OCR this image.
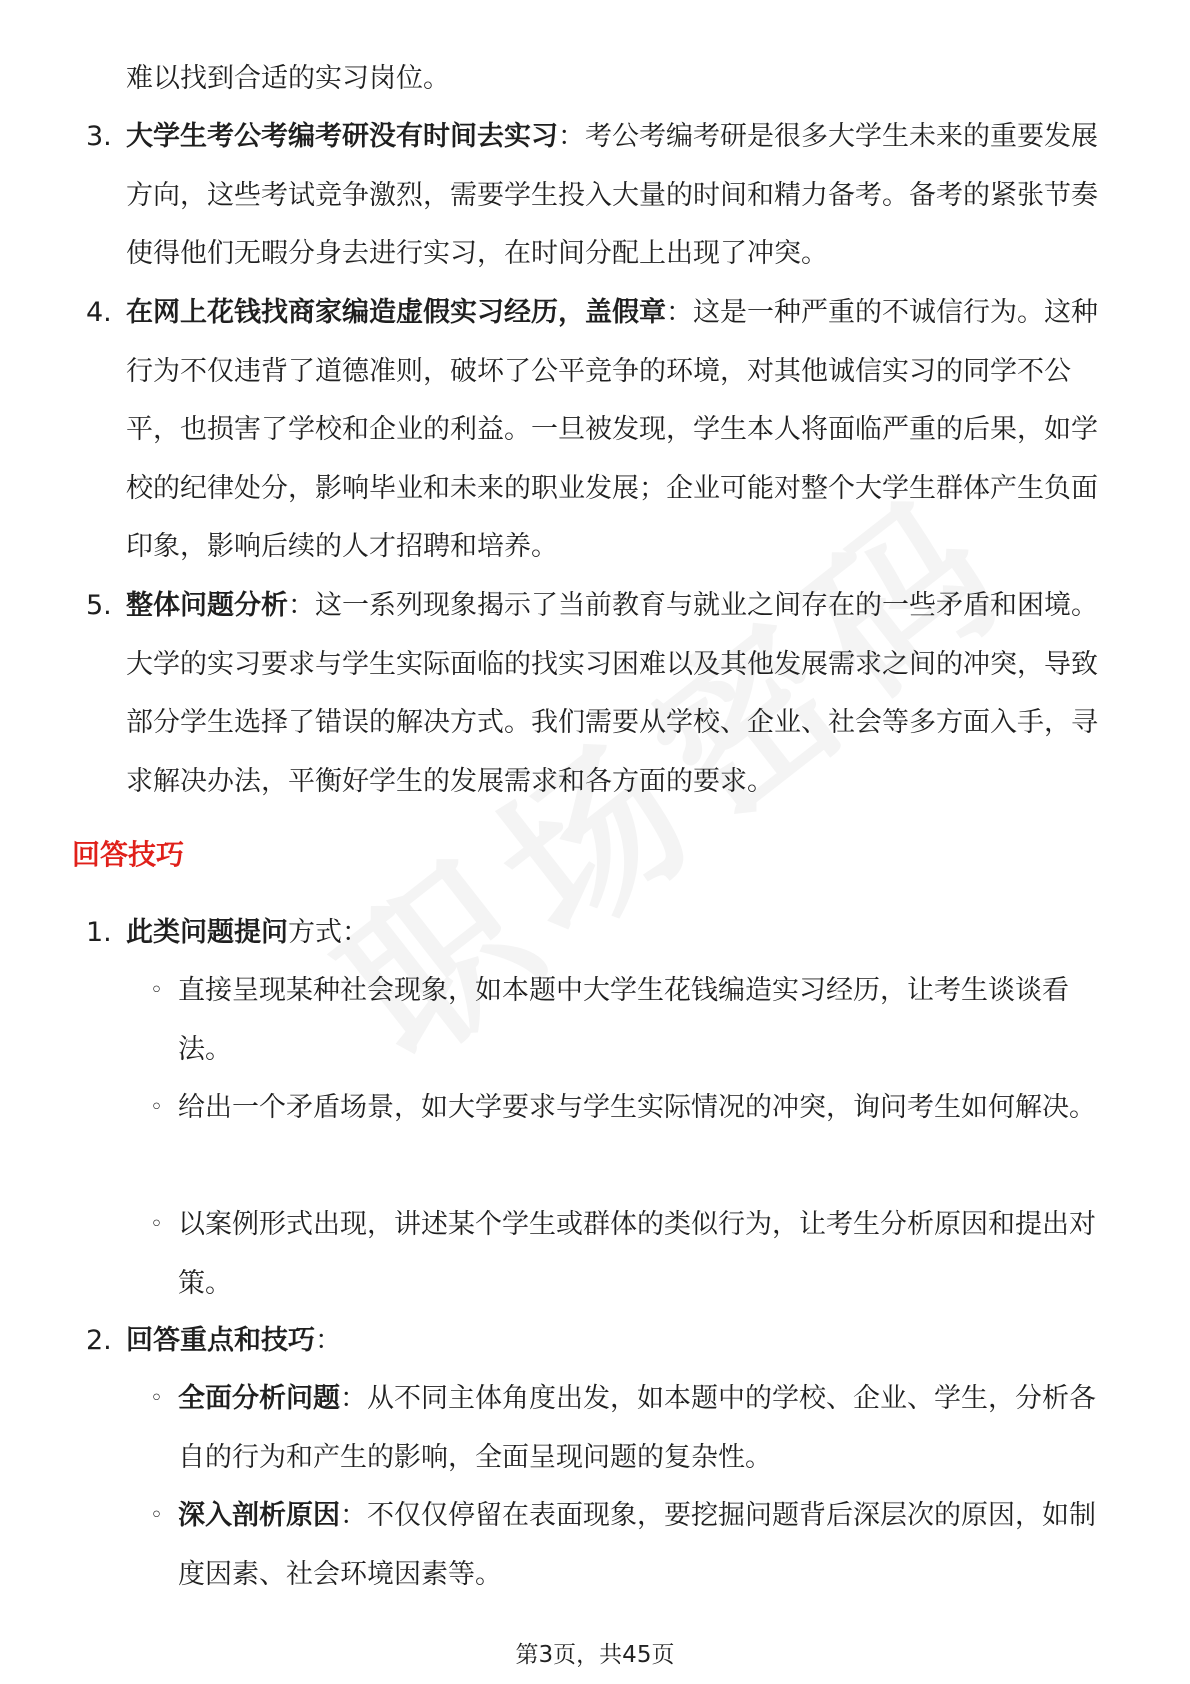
难以找到合适的实习岗位。

3. 大学生考公考编考研没有时间去实习：考公考编考研是很多大学生未来的重要发展方向，这些考试竞争激烈，需要学生投入大量的时间和精力备考。备考的紧张节奏使得他们无暇分身去进行实习，在时间分配上出现了冲突。

4. 在网上花钱找商家编造虚假实习经历，盖假章：这是一种严重的不诚信行为。这种行为不仅违背了道德准则，破坏了公平竞争的环境，对其他诚信实习的同学不公平，也损害了学校和企业的利益。一旦被发现，学生本人将面临严重的后果，如学校的纪律处分，影响毕业和未来的职业发展；企业可能对整个大学生群体产生负面印象，影响后续的人才招聘和培养。

5. 整体问题分析：这一系列现象揭示了当前教育与就业之间存在的一些矛盾和困境。大学的实习要求与学生实际面临的找实习困难以及其他发展需求之间的冲突，导致部分学生选择了错误的解决方式。我们需要从学校、企业、社会等多方面入手，寻求解决办法，平衡好学生的发展需求和各方面的要求。

回答技巧
1. 此类问题提问方式：

◦ 直接呈现某种社会现象，如本题中大学生花钱编造实习经历，让考生谈谈看法。

◦ 给出一个矛盾场景，如大学要求与学生实际情况的冲突，询问考生如何解决。

◦ 以案例形式出现，讲述某个学生或群体的类似行为，让考生分析原因和提出对策。

2. 回答重点和技巧：

◦ 全面分析问题：从不同主体角度出发，如本题中的学校、企业、学生，分析各自的行为和产生的影响，全面呈现问题的复杂性。

◦ 深入剖析原因：不仅仅停留在表面现象，要挖掘问题背后深层次的原因，如制度因素、社会环境因素等。

第3页，共45页
